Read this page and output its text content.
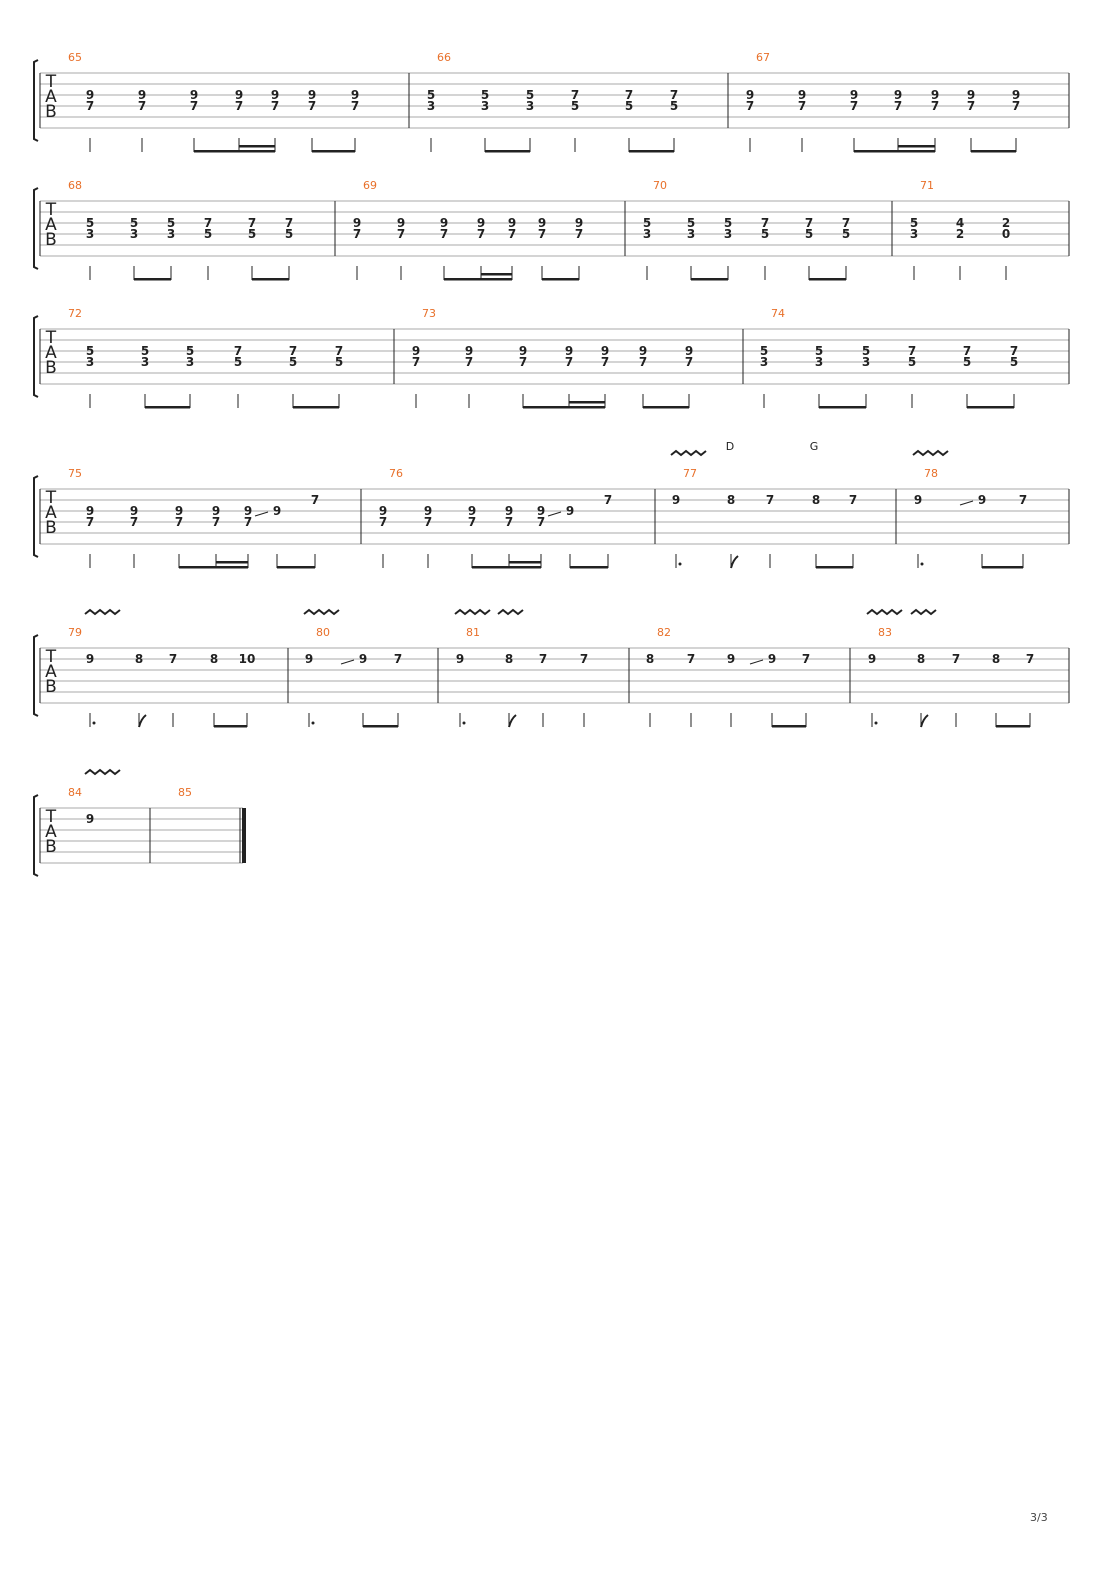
T
A
B
65
9
7
9
7
9
7
9
7
9
7
9
7
9
7
66
5
3
5
3
5
3
7
5
7
5
7
5
67
9
7
9
7
9
7
9
7
9
7
9
7
9
7
T
A
B
68
5
3
5
3
5
3
7
5
7
5
7
5
69
9
7
9
7
9
7
9
7
9
7
9
7
9
7
70
5
3
5
3
5
3
7
5
7
5
7
5
71
5
3
4
2
2
0
T
A
B
72
5
3
5
3
5
3
7
5
7
5
7
5
73
9
7
9
7
9
7
9
7
9
7
9
7
9
7
74
5
3
5
3
5
3
7
5
7
5
7
5
T
A
B
75
9
7
9
7
9
7
9
7
9
7
9
7
76
9
7
9
7
9
7
9
7
9
7
9
7
77
D	G
9	8	7	8 7
78
9	9	7
T
A
B
79
9	8 7	8 10
80
9	9 7
81
9	8 7	7
82
8	7	9	9 7
83
9	8 7	8 7
T
A
B
84
9
85
3/3
